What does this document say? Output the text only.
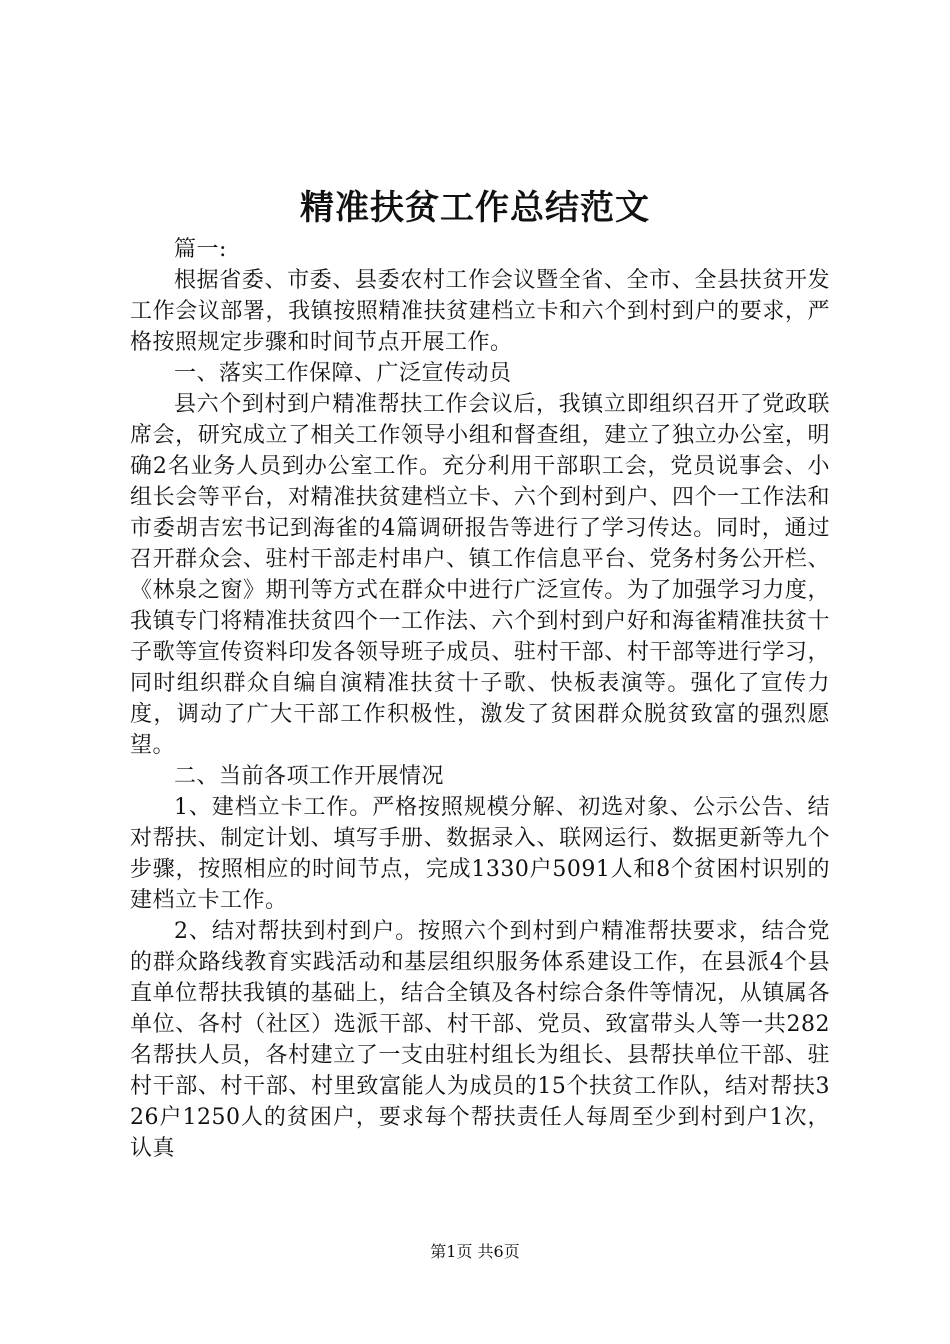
精准扶贫工作总结范文

篇一:

根据省委、市委、县委农村工作会议暨全省、全市、全县扶贫开发工作会议部署，我镇按照精准扶贫建档立卡和六个到村到户的要求，严格按照规定步骤和时间节点开展工作。

一、落实工作保障、广泛宣传动员

县六个到村到户精准帮扶工作会议后，我镇立即组织召开了党政联席会，研究成立了相关工作领导小组和督查组，建立了独立办公室，明确2名业务人员到办公室工作。充分利用干部职工会，党员说事会、小组长会等平台，对精准扶贫建档立卡、六个到村到户、四个一工作法和市委胡吉宏书记到海雀的4篇调研报告等进行了学习传达。同时，通过召开群众会、驻村干部走村串户、镇工作信息平台、党务村务公开栏、《林泉之窗》期刊等方式在群众中进行广泛宣传。为了加强学习力度，我镇专门将精准扶贫四个一工作法、六个到村到户好和海雀精准扶贫十子歌等宣传资料印发各领导班子成员、驻村干部、村干部等进行学习，同时组织群众自编自演精准扶贫十子歌、快板表演等。强化了宣传力度，调动了广大干部工作积极性，激发了贫困群众脱贫致富的强烈愿望。

二、当前各项工作开展情况

1、建档立卡工作。严格按照规模分解、初选对象、公示公告、结对帮扶、制定计划、填写手册、数据录入、联网运行、数据更新等九个步骤，按照相应的时间节点，完成1330户5091人和8个贫困村识别的建档立卡工作。

2、结对帮扶到村到户。按照六个到村到户精准帮扶要求，结合党的群众路线教育实践活动和基层组织服务体系建设工作，在县派4个县直单位帮扶我镇的基础上，结合全镇及各村综合条件等情况，从镇属各单位、各村（社区）选派干部、村干部、党员、致富带头人等一共282名帮扶人员，各村建立了一支由驻村组长为组长、县帮扶单位干部、驻村干部、村干部、村里致富能人为成员的15个扶贫工作队，结对帮扶326户1250人的贫困户，要求每个帮扶责任人每周至少到村到户1次，认真

第1页 共6页
